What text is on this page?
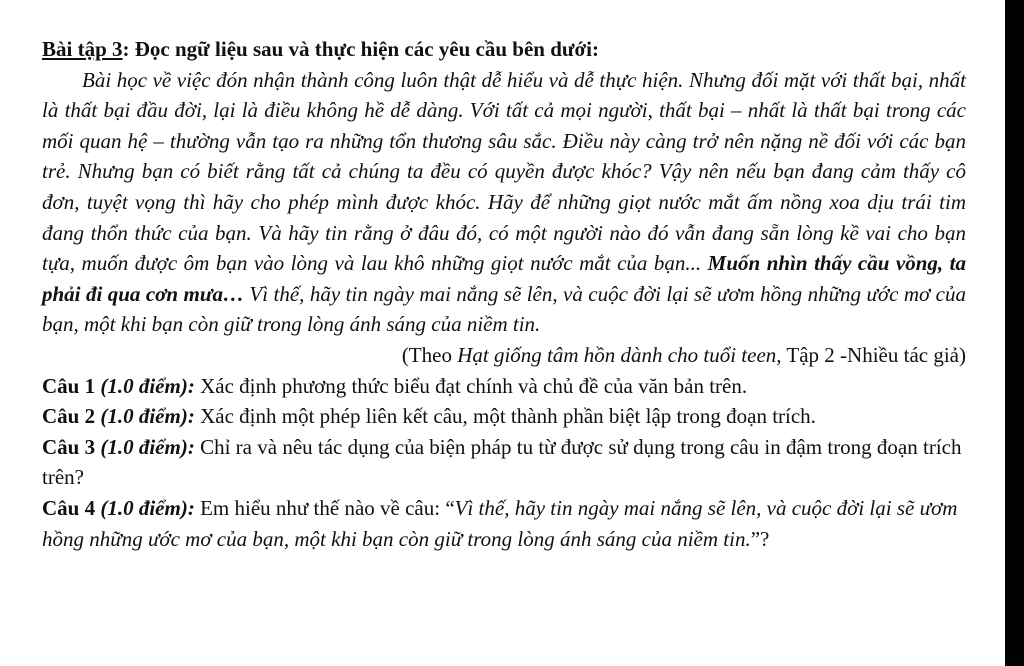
Bài tập 3: Đọc ngữ liệu sau và thực hiện các yêu cầu bên dưới:

Bài học về việc đón nhận thành công luôn thật dễ hiểu và dễ thực hiện. Nhưng đối mặt với thất bại, nhất là thất bại đầu đời, lại là điều không hề dễ dàng. Với tất cả mọi người, thất bại – nhất là thất bại trong các mối quan hệ – thường vẫn tạo ra những tổn thương sâu sắc. Điều này càng trở nên nặng nề đối với các bạn trẻ. Nhưng bạn có biết rằng tất cả chúng ta đều có quyền được khóc? Vậy nên nếu bạn đang cảm thấy cô đơn, tuyệt vọng thì hãy cho phép mình được khóc. Hãy để những giọt nước mắt ấm nồng xoa dịu trái tim đang thổn thức của bạn. Và hãy tin rằng ở đâu đó, có một người nào đó vẫn đang sẵn lòng kề vai cho bạn tựa, muốn được ôm bạn vào lòng và lau khô những giọt nước mắt của bạn... Muốn nhìn thấy cầu vồng, ta phải đi qua cơn mưa… Vì thế, hãy tin ngày mai nắng sẽ lên, và cuộc đời lại sẽ ươm hồng những ước mơ của bạn, một khi bạn còn giữ trong lòng ánh sáng của niềm tin.

(Theo Hạt giống tâm hồn dành cho tuổi teen, Tập 2 -Nhiều tác giả)

Câu 1 (1.0 điểm): Xác định phương thức biểu đạt chính và chủ đề của văn bản trên.

Câu 2 (1.0 điểm): Xác định một phép liên kết câu, một thành phần biệt lập trong đoạn trích.

Câu 3 (1.0 điểm): Chỉ ra và nêu tác dụng của biện pháp tu từ được sử dụng trong câu in đậm trong đoạn trích trên?

Câu 4 (1.0 điểm): Em hiểu như thế nào về câu: “Vì thế, hãy tin ngày mai nắng sẽ lên, và cuộc đời lại sẽ ươm hồng những ước mơ của bạn, một khi bạn còn giữ trong lòng ánh sáng của niềm tin.”?
